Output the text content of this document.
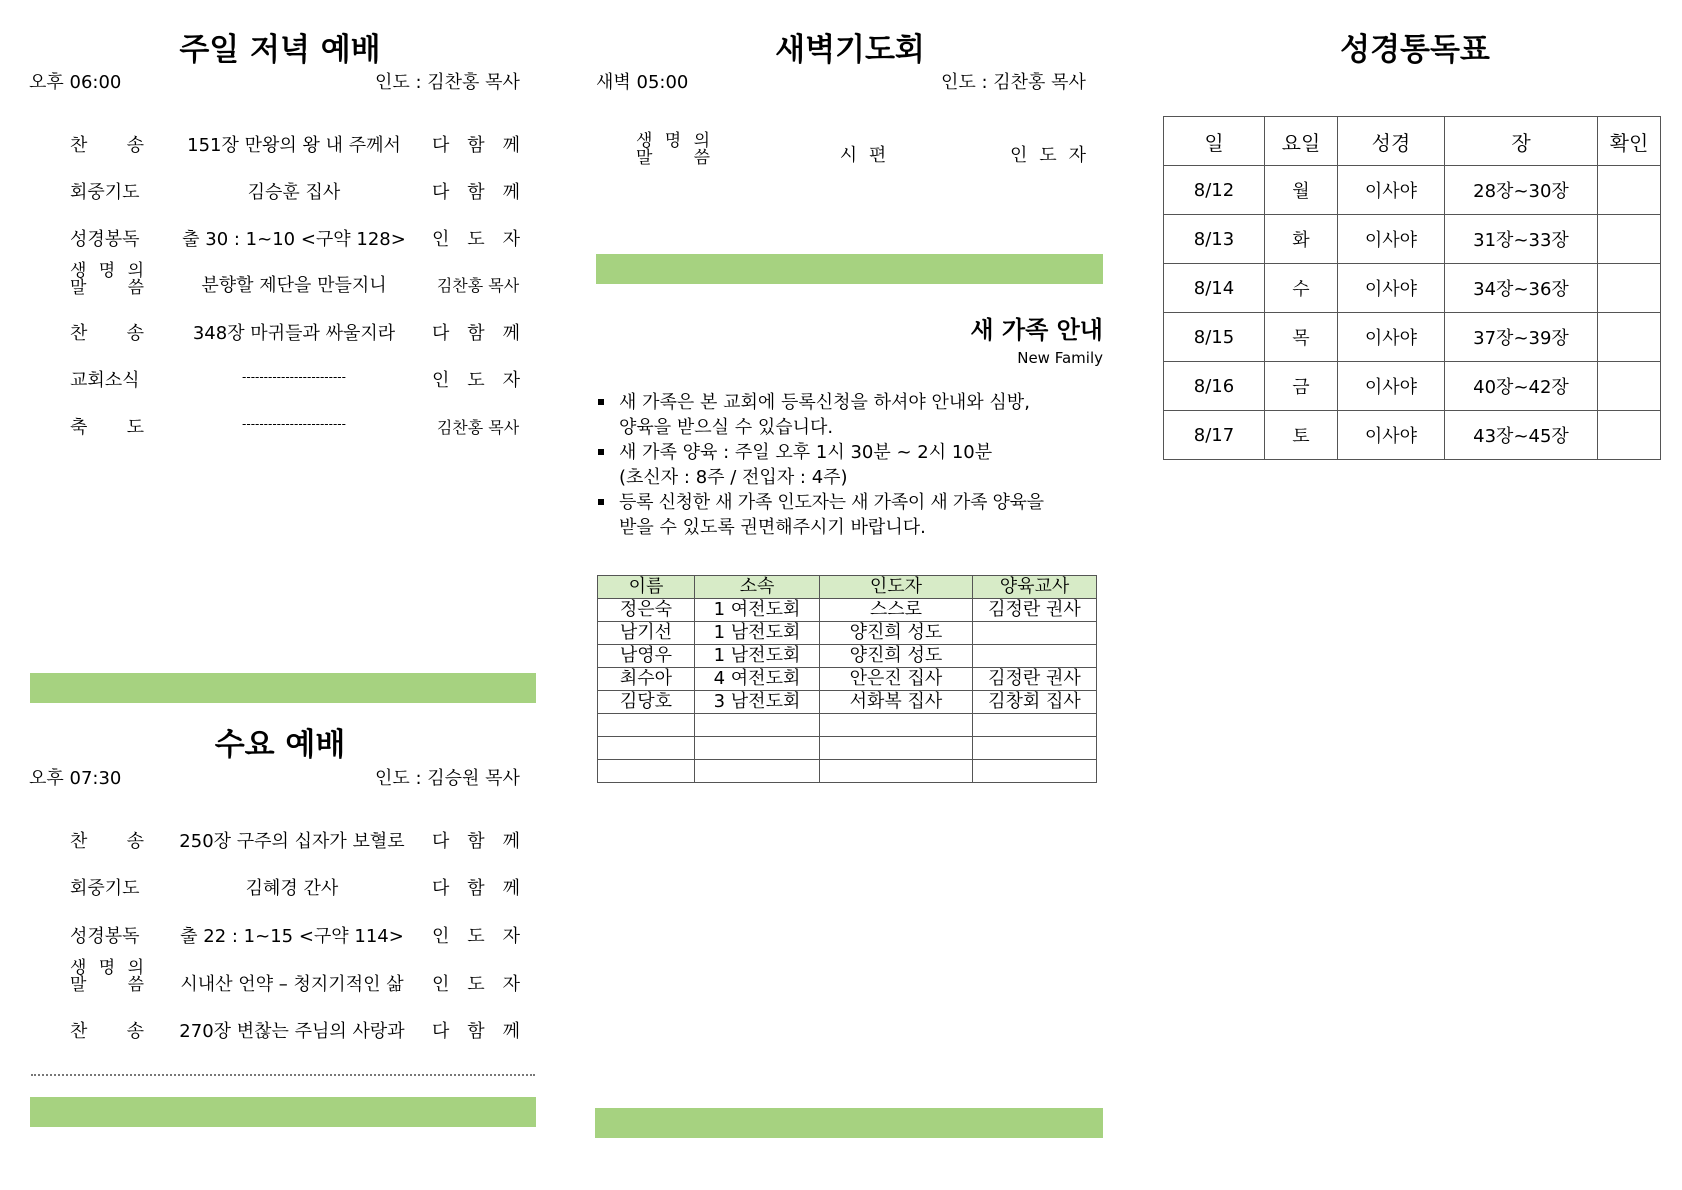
주일 저녁 예배
오후 06:00	인도 : 김찬홍 목사
찬 송	151장 만왕의 왕 내 주께서	다 함 께
회중기도	김승훈 집사	다 함 께
성경봉독	출 30 : 1~10 <구약 128>	인 도 자
생 명 의
말 씀	분향할 제단을 만들지니	김찬홍 목사
찬 송	348장 마귀들과 싸울지라	다 함 께
교회소식	------------------------	인 도 자
축 도	------------------------	김찬홍 목사
수요 예배
오후 07:30	인도 : 김승원 목사
찬 송	250장 구주의 십자가 보혈로	다 함 께
회중기도	김혜경 간사	다 함 께
성경봉독	출 22 : 1~15 <구약 114>	인 도 자
생 명 의
말 씀	시내산 언약 – 청지기적인 삶	인 도 자
찬 송	270장 변찮는 주님의 사랑과	다 함 께
새벽기도회
새벽 05:00	인도 : 김찬홍 목사
생 명 의
말 씀	시 편	인 도 자
새 가족 안내
New Family
새 가족은 본 교회에 등록신청을 하셔야 안내와 심방,
양육을 받으실 수 있습니다.
새 가족 양육 : 주일 오후 1시 30분 ~ 2시 10분
(초신자 : 8주 / 전입자 : 4주)
등록 신청한 새 가족 인도자는 새 가족이 새 가족 양육을
받을 수 있도록 권면해주시기 바랍니다.
이름	소속	인도자	양육교사
정은숙	1 여전도회	스스로	김정란 권사
남기선	1 남전도회	양진희 성도	
남영우	1 남전도회	양진희 성도	
최수아	4 여전도회	안은진 집사	김정란 권사
김당호	3 남전도회	서화복 집사	김창회 집사

성경통독표
일	요일	성경	장	확인
8/12	월	이사야	28장~30장	
8/13	화	이사야	31장~33장	
8/14	수	이사야	34장~36장	
8/15	목	이사야	37장~39장	
8/16	금	이사야	40장~42장	
8/17	토	이사야	43장~45장	
